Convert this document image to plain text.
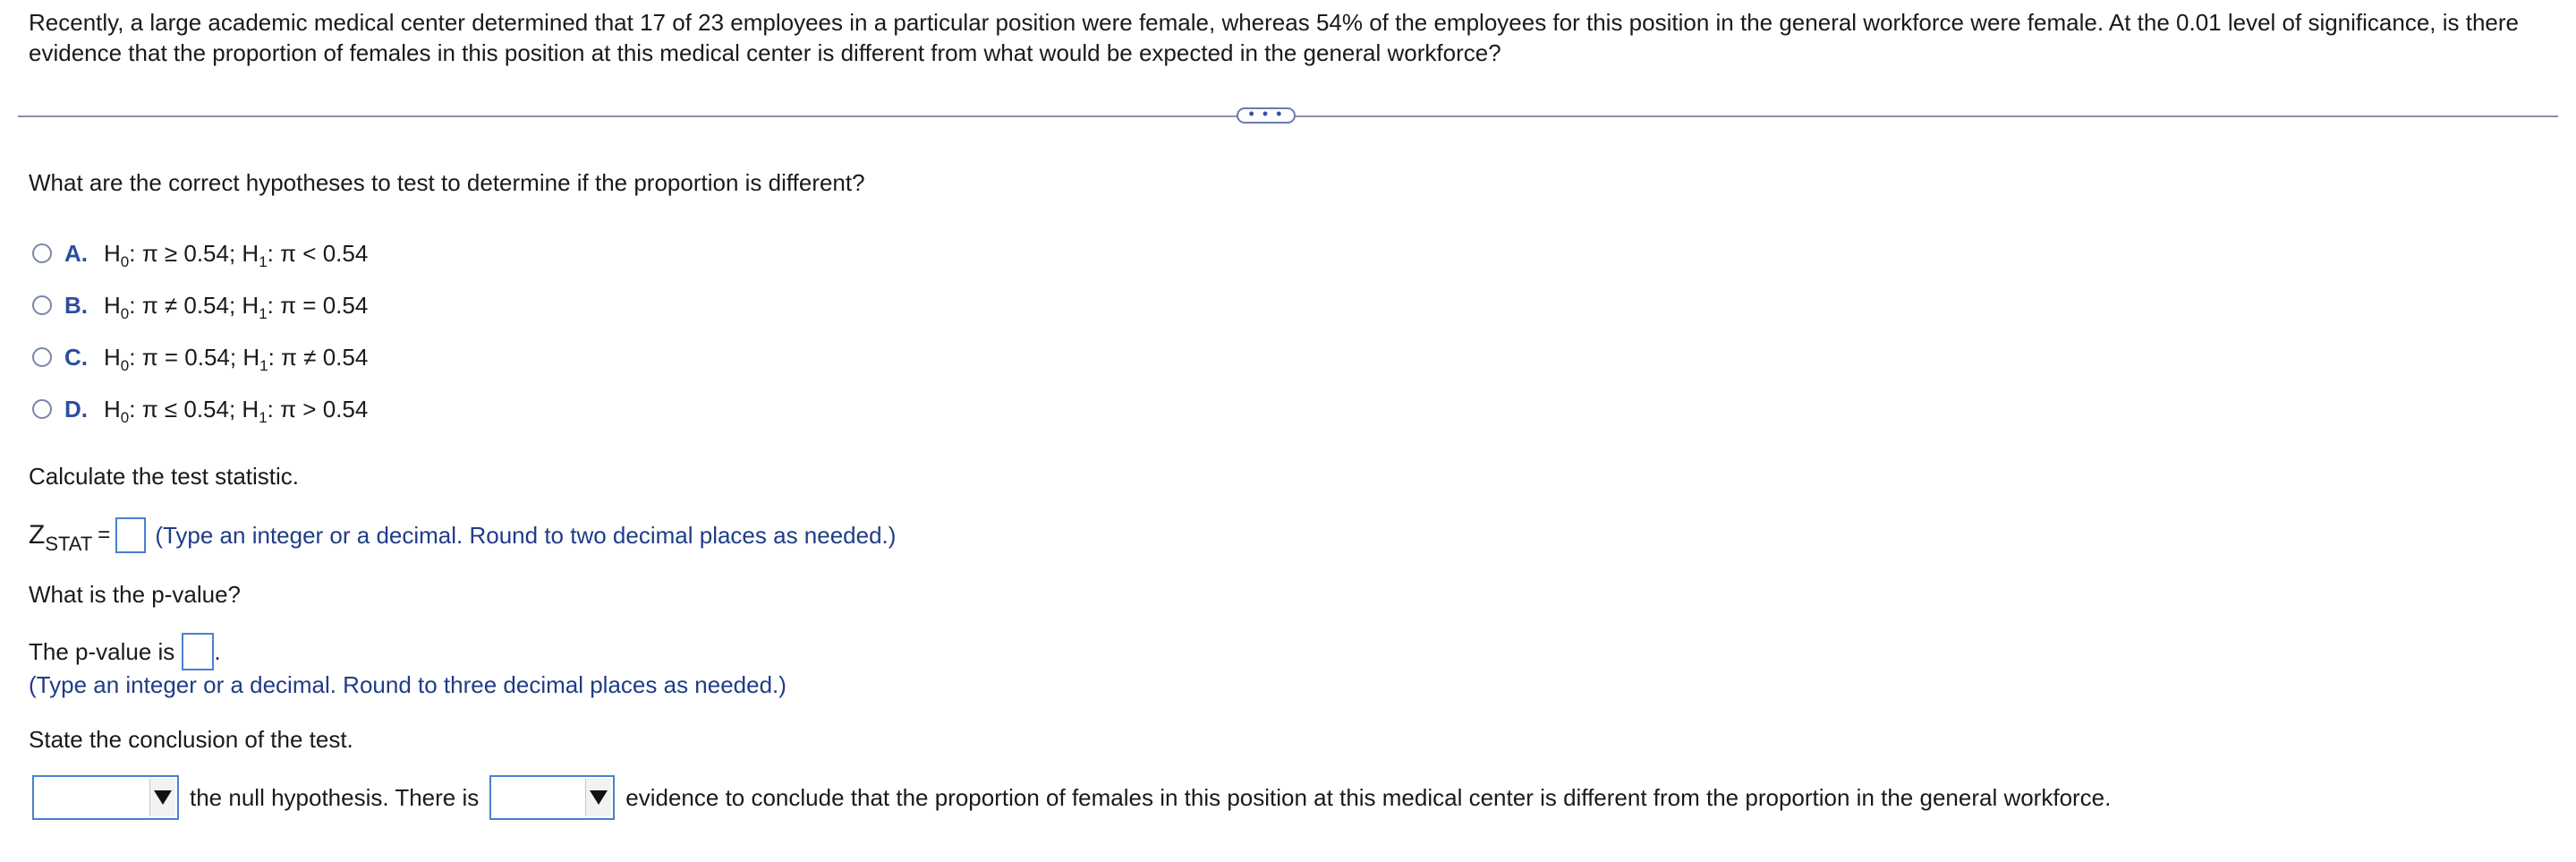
Recently, a large academic medical center determined that 17 of 23 employees in a particular position were female, whereas 54% of the employees for this position in the general workforce were female. At the 0.01 level of significance, is there evidence that the proportion of females in this position at this medical center is different from what would be expected in the general workforce?
• • •
What are the correct hypotheses to test to determine if the proportion is different?
A. $H_0$: π ≥ 0.54; $H_1$: π < 0.54
B. $H_0$: π ≠ 0.54; $H_1$: π = 0.54
C. $H_0$: π = 0.54; $H_1$: π ≠ 0.54
D. $H_0$: π ≤ 0.54; $H_1$: π > 0.54
Calculate the test statistic.
$Z_{STAT}$ = (Type an integer or a decimal. Round to two decimal places as needed.)
What is the p-value?
The p-value is .
(Type an integer or a decimal. Round to three decimal places as needed.)
State the conclusion of the test.
the null hypothesis. There is	evidence to conclude that the proportion of females in this position at this medical center is different from the proportion in the general workforce.
